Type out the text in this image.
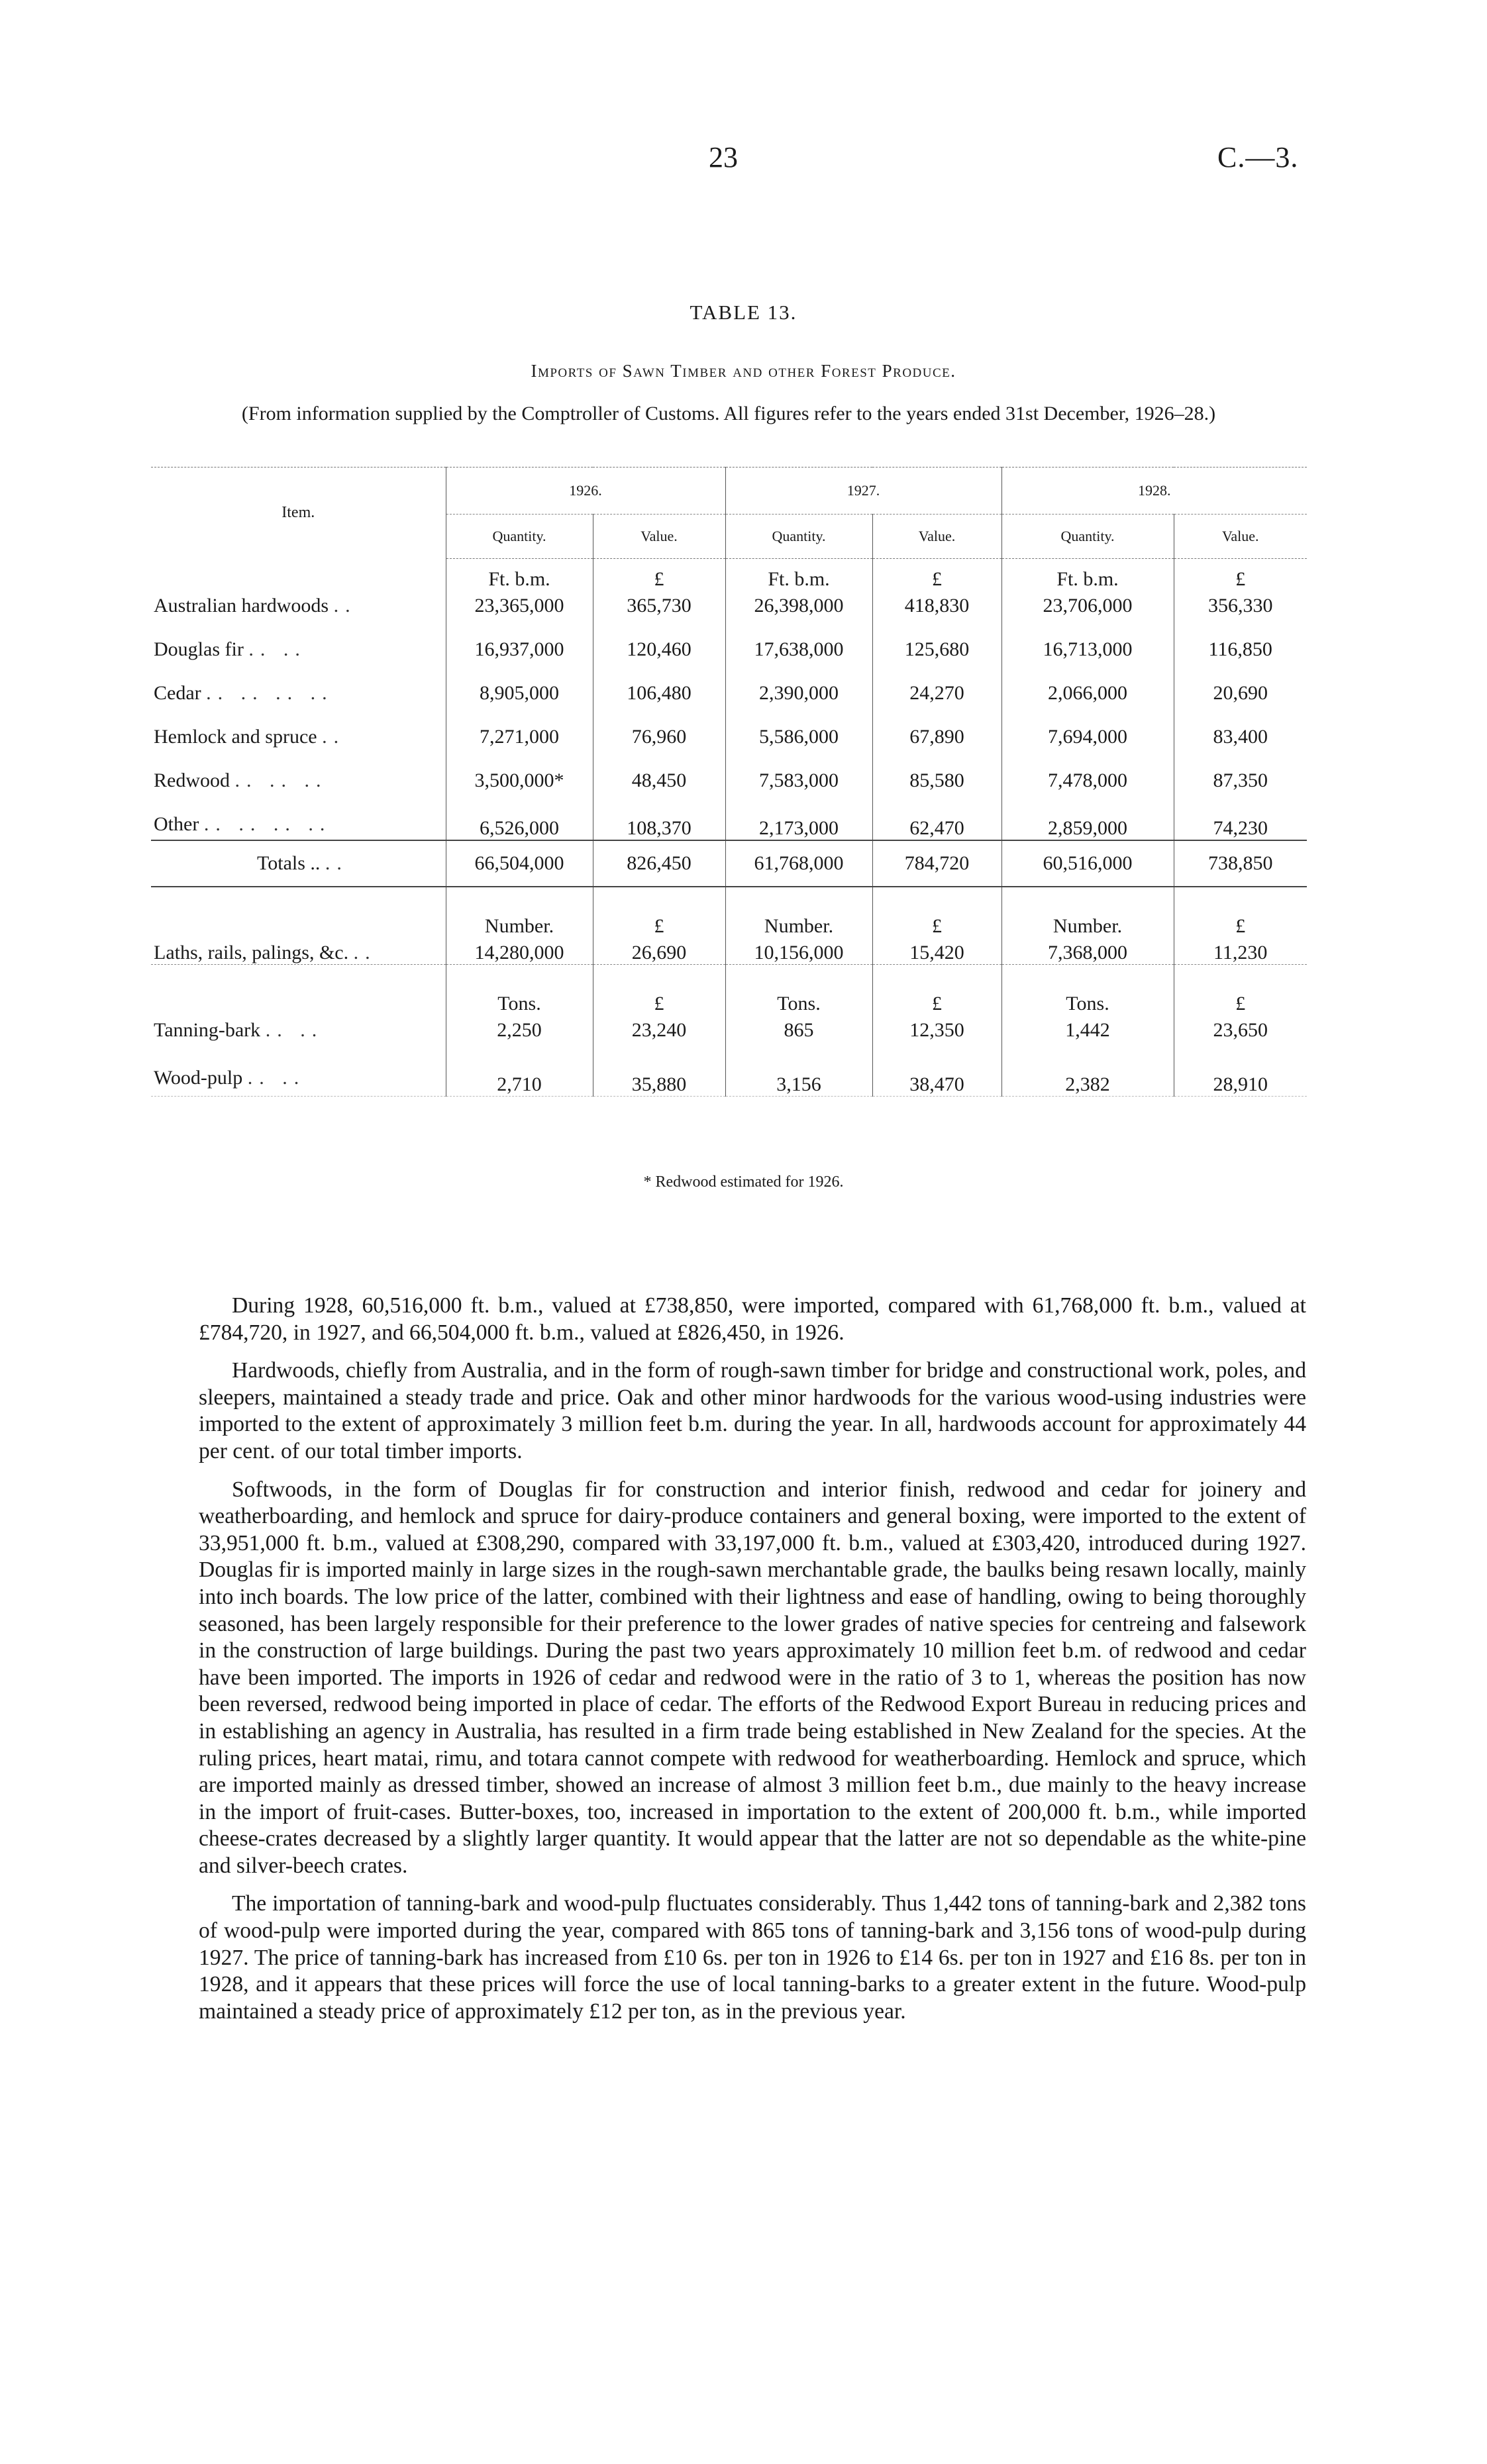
23	C.—3.
TABLE 13.
Imports of Sawn Timber and other Forest Produce.
(From information supplied by the Comptroller of Customs. All figures refer to the years ended 31st December, 1926–28.)
Item.	1926.		1927.		1928.	
	Quantity.	Value.	Quantity.	Value.	Quantity.	Value.
	Ft. b.m.	£	Ft. b.m.	£	Ft. b.m.	£
Australian hardwoods ..	23,365,000	365,730	26,398,000	418,830	23,706,000	356,330
Douglas fir .. ..	16,937,000	120,460	17,638,000	125,680	16,713,000	116,850
Cedar .. .. .. ..	8,905,000	106,480	2,390,000	24,270	2,066,000	20,690
Hemlock and spruce ..	7,271,000	76,960	5,586,000	67,890	7,694,000	83,400
Redwood .. .. ..	3,500,000*	48,450	7,583,000	85,580	7,478,000	87,350
Other .. .. .. ..	6,526,000	108,370	2,173,000	62,470	2,859,000	74,230
Totals .. ..	66,504,000	826,450	61,768,000	784,720	60,516,000	738,850
	Number.	£	Number.	£	Number.	£
Laths, rails, palings, &c. ..	14,280,000	26,690	10,156,000	15,420	7,368,000	11,230
	Tons.	£	Tons.	£	Tons.	£
Tanning-bark .. ..	2,250	23,240	865	12,350	1,442	23,650
Wood-pulp .. ..	2,710	35,880	3,156	38,470	2,382	28,910
* Redwood estimated for 1926.

During 1928, 60,516,000 ft. b.m., valued at £738,850, were imported, compared with 61,768,000 ft. b.m., valued at £784,720, in 1927, and 66,504,000 ft. b.m., valued at £826,450, in 1926.

Hardwoods, chiefly from Australia, and in the form of rough-sawn timber for bridge and constructional work, poles, and sleepers, maintained a steady trade and price. Oak and other minor hardwoods for the various wood-using industries were imported to the extent of approximately 3 million feet b.m. during the year. In all, hardwoods account for approximately 44 per cent. of our total timber imports.

Softwoods, in the form of Douglas fir for construction and interior finish, redwood and cedar for joinery and weatherboarding, and hemlock and spruce for dairy-produce containers and general boxing, were imported to the extent of 33,951,000 ft. b.m., valued at £308,290, compared with 33,197,000 ft. b.m., valued at £303,420, introduced during 1927. Douglas fir is imported mainly in large sizes in the rough-sawn merchantable grade, the baulks being resawn locally, mainly into inch boards. The low price of the latter, combined with their lightness and ease of handling, owing to being thoroughly seasoned, has been largely responsible for their preference to the lower grades of native species for centreing and falsework in the construction of large buildings. During the past two years approximately 10 million feet b.m. of redwood and cedar have been imported. The imports in 1926 of cedar and redwood were in the ratio of 3 to 1, whereas the position has now been reversed, redwood being imported in place of cedar. The efforts of the Redwood Export Bureau in reducing prices and in establishing an agency in Australia, has resulted in a firm trade being established in New Zealand for the species. At the ruling prices, heart matai, rimu, and totara cannot compete with redwood for weatherboarding. Hemlock and spruce, which are imported mainly as dressed timber, showed an increase of almost 3 million feet b.m., due mainly to the heavy increase in the import of fruit-cases. Butter-boxes, too, increased in importation to the extent of 200,000 ft. b.m., while imported cheese-crates decreased by a slightly larger quantity. It would appear that the latter are not so dependable as the white-pine and silver-beech crates.

The importation of tanning-bark and wood-pulp fluctuates considerably. Thus 1,442 tons of tanning-bark and 2,382 tons of wood-pulp were imported during the year, compared with 865 tons of tanning-bark and 3,156 tons of wood-pulp during 1927. The price of tanning-bark has increased from £10 6s. per ton in 1926 to £14 6s. per ton in 1927 and £16 8s. per ton in 1928, and it appears that these prices will force the use of local tanning-barks to a greater extent in the future. Wood-pulp maintained a steady price of approximately £12 per ton, as in the previous year.
